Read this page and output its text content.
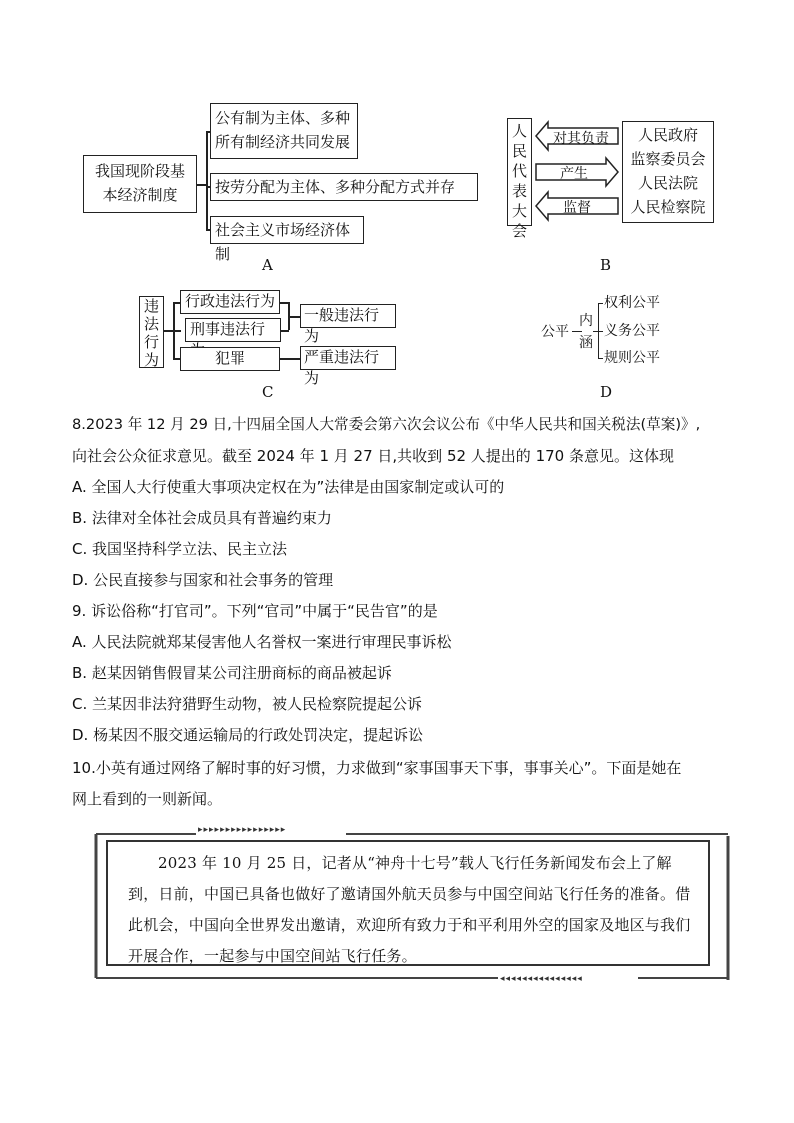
我国现阶段基本经济制度
公有制为主体、多种所有制经济共同发展
按劳分配为主体、多种分配方式并存
社会主义市场经济体制
A
人民代表大会
对其负责
产生
监督
人民政府
监察委员会
人民法院
人民检察院
B
违法行为
行政违法行为
刑事违法行
犯罪
一般违法行为
严重违法行为
C
公平
内涵
权利公平
义务公平
规则公平
D
8.2023 年 12 月 29 日,十四届全国人大常委会第六次会议公布《中华人民共和国关税法(草案)》,
向社会公众征求意见。截至 2024 年 1 月 27 日,共收到 52 人提出的 170 条意见。这体现
A. 全国人大行使重大事项决定权在为”法律是由国家制定或认可的
B. 法律对全体社会成员具有普遍约束力
C. 我国坚持科学立法、民主立法
D. 公民直接参与国家和社会事务的管理
9. 诉讼俗称“打官司”。下列“官司”中属于“民告官”的是
A. 人民法院就郑某侵害他人名誉权一案进行审理民事诉松
B. 赵某因销售假冒某公司注册商标的商品被起诉
C. 兰某因非法狩猎野生动物，被人民检察院提起公诉
D. 杨某因不服交通运输局的行政处罚决定，提起诉讼
10.小英有通过网络了解时事的好习惯，力求做到“家事国事天下事，事事关心”。下面是她在
网上看到的一则新闻。
▸▸▸▸▸▸▸▸▸▸▸▸▸▸▸▸
◂◂◂◂◂◂◂◂◂◂◂◂◂◂◂
2023 年 10 月 25 日，记者从“神舟十七号”载人飞行任务新闻发布会上了解到，日前，中国已具备也做好了邀请国外航天员参与中国空间站飞行任务的准备。借此机会，中国向全世界发出邀请，欢迎所有致力于和平利用外空的国家及地区与我们开展合作，一起参与中国空间站飞行任务。
